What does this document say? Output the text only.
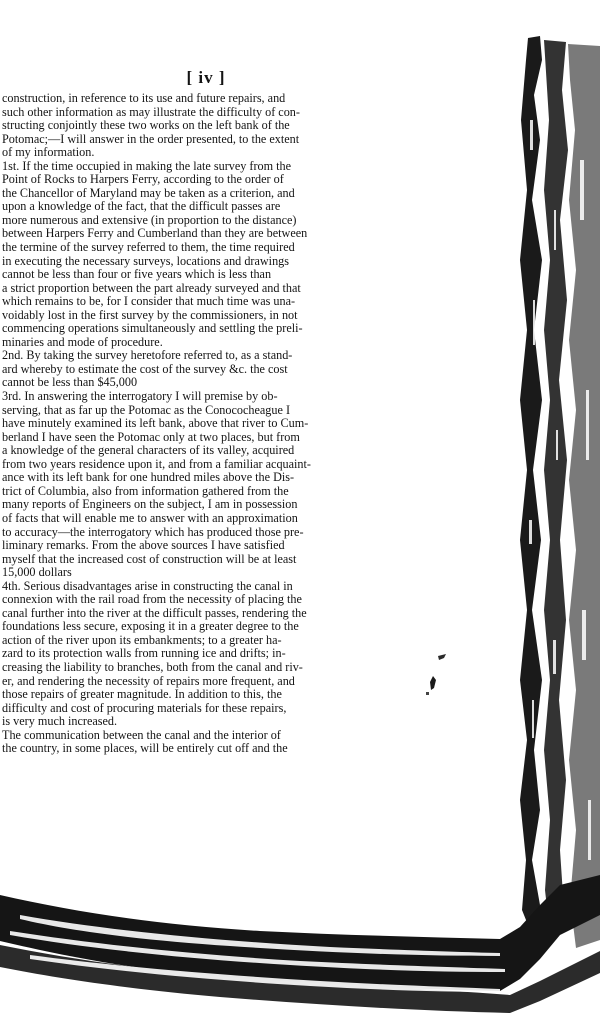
[ iv ]

construction, in reference to its use and future repairs, and
such other information as may illustrate the difficulty of con-
structing conjointly these two works on the left bank of the
Potomac;—I will answer in the order presented, to the extent
of my information.

1st. If the time occupied in making the late survey from the
Point of Rocks to Harpers Ferry, according to the order of
the Chancellor of Maryland may be taken as a criterion, and
upon a knowledge of the fact, that the difficult passes are
more numerous and extensive (in proportion to the distance)
between Harpers Ferry and Cumberland than they are between
the termine of the survey referred to them, the time required
in executing the necessary surveys, locations and drawings
cannot be less than four or five years which is less than
a strict proportion between the part already surveyed and that
which remains to be, for I consider that much time was una-
voidably lost in the first survey by the commissioners, in not
commencing operations simultaneously and settling the preli-
minaries and mode of procedure.

2nd. By taking the survey heretofore referred to, as a stand-
ard whereby to estimate the cost of the survey &c. the cost
cannot be less than $45,000

3rd. In answering the interrogatory I will premise by ob-
serving, that as far up the Potomac as the Conococheague I
have minutely examined its left bank, above that river to Cum-
berland I have seen the Potomac only at two places, but from
a knowledge of the general characters of its valley, acquired
from two years residence upon it, and from a familiar acquaint-
ance with its left bank for one hundred miles above the Dis-
trict of Columbia, also from information gathered from the
many reports of Engineers on the subject, I am in possession
of facts that will enable me to answer with an approximation
to accuracy—the interrogatory which has produced those pre-
liminary remarks. From the above sources I have satisfied
myself that the increased cost of construction will be at least
15,000 dollars

4th. Serious disadvantages arise in constructing the canal in
connexion with the rail road from the necessity of placing the
canal further into the river at the difficult passes, rendering the
foundations less secure, exposing it in a greater degree to the
action of the river upon its embankments; to a greater ha-
zard to its protection walls from running ice and drifts; in-
creasing the liability to branches, both from the canal and riv-
er, and rendering the necessity of repairs more frequent, and
those repairs of greater magnitude. In addition to this, the
difficulty and cost of procuring materials for these repairs,
is very much increased.

The communication between the canal and the interior of
the country, in some places, will be entirely cut off and the
